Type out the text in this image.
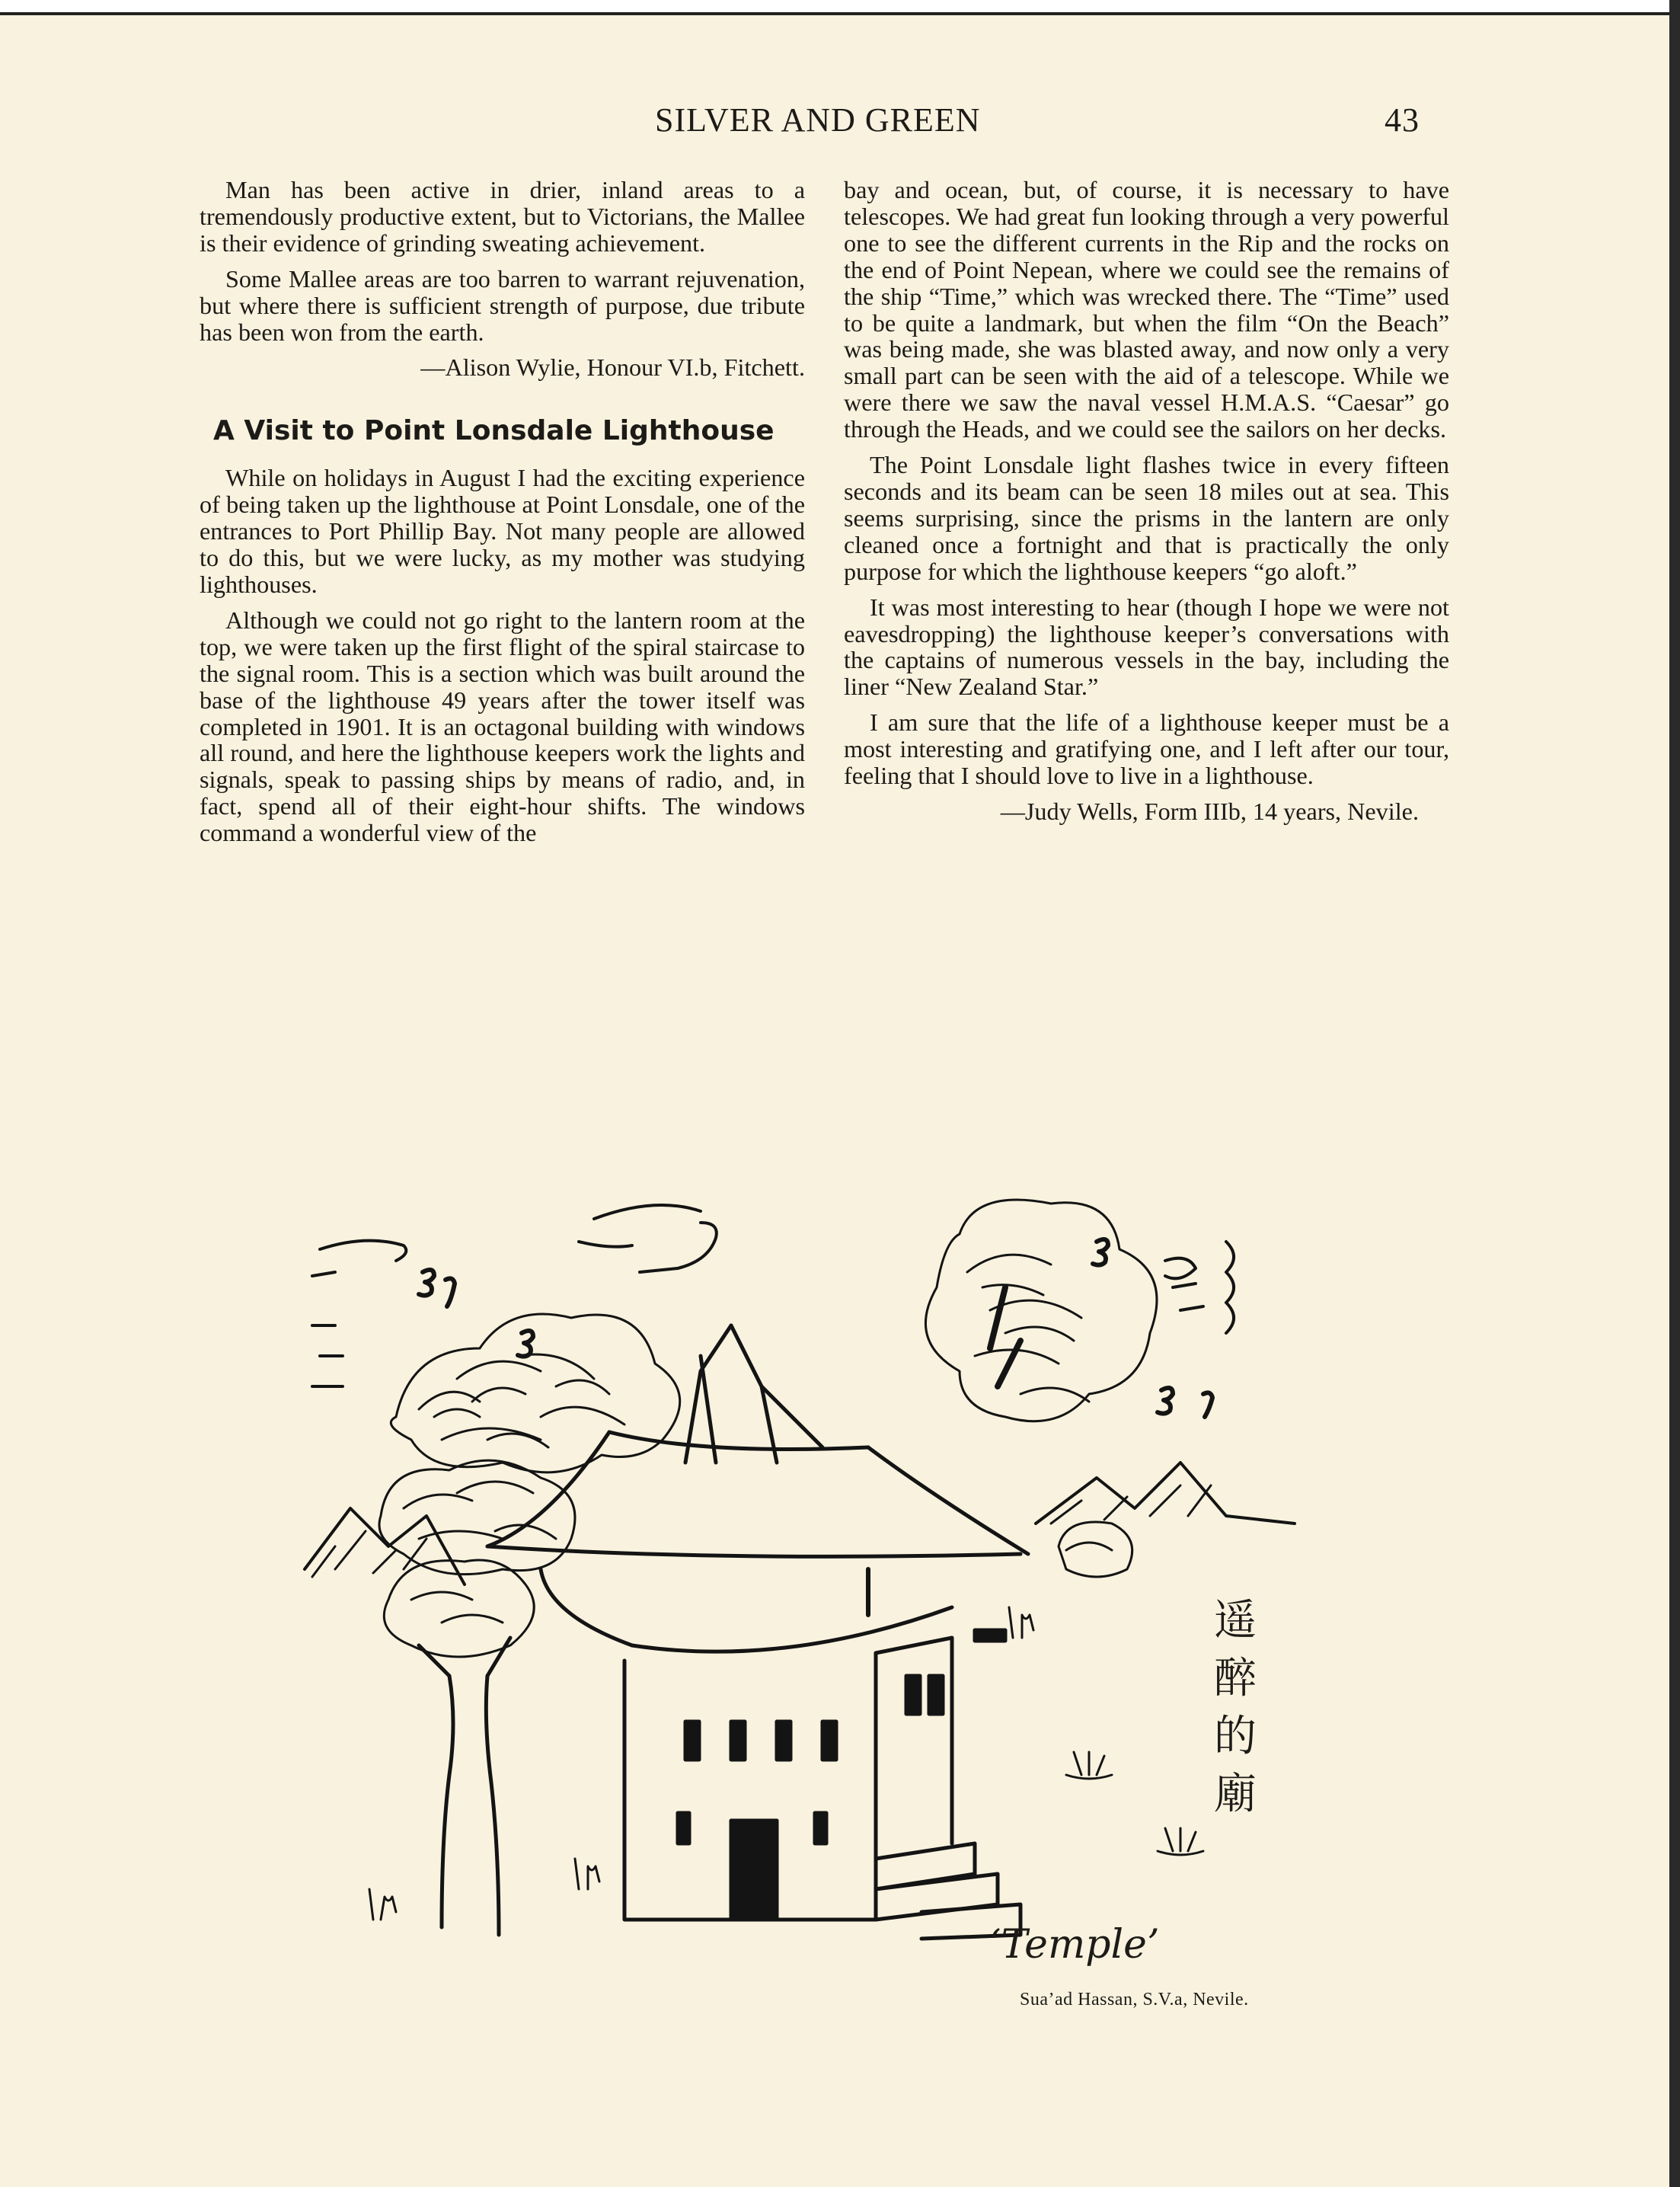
SILVER AND GREEN	43

Man has been active in drier, inland areas to a tremendously productive extent, but to Victorians, the Mallee is their evidence of grinding sweating achievement.

Some Mallee areas are too barren to warrant rejuvenation, but where there is sufficient strength of purpose, due tribute has been won from the earth.

—Alison Wylie, Honour VI.b, Fitchett.

A Visit to Point Lonsdale Lighthouse

While on holidays in August I had the exciting experience of being taken up the lighthouse at Point Lonsdale, one of the entrances to Port Phillip Bay. Not many people are allowed to do this, but we were lucky, as my mother was studying lighthouses.

Although we could not go right to the lantern room at the top, we were taken up the first flight of the spiral staircase to the signal room. This is a section which was built around the base of the lighthouse 49 years after the tower itself was completed in 1901. It is an octagonal building with windows all round, and here the lighthouse keepers work the lights and signals, speak to passing ships by means of radio, and, in fact, spend all of their eight-hour shifts. The windows command a wonderful view of the

bay and ocean, but, of course, it is necessary to have telescopes. We had great fun looking through a very powerful one to see the different currents in the Rip and the rocks on the end of Point Nepean, where we could see the remains of the ship “Time,” which was wrecked there. The “Time” used to be quite a landmark, but when the film “On the Beach” was being made, she was blasted away, and now only a very small part can be seen with the aid of a telescope. While we were there we saw the naval vessel H.M.A.S. “Caesar” go through the Heads, and we could see the sailors on her decks.

The Point Lonsdale light flashes twice in every fifteen seconds and its beam can be seen 18 miles out at sea. This seems surprising, since the prisms in the lantern are only cleaned once a fortnight and that is practically the only purpose for which the lighthouse keepers “go aloft.”

It was most interesting to hear (though I hope we were not eavesdropping) the lighthouse keeper’s conversations with the captains of numerous vessels in the bay, including the liner “New Zealand Star.”

I am sure that the life of a lighthouse keeper must be a most interesting and gratifying one, and I left after our tour, feeling that I should love to live in a lighthouse.

—Judy Wells, Form IIIb, 14 years, Nevile.

遥醉的廟
‘Temple’
Sua’ad Hassan, S.V.a, Nevile.
